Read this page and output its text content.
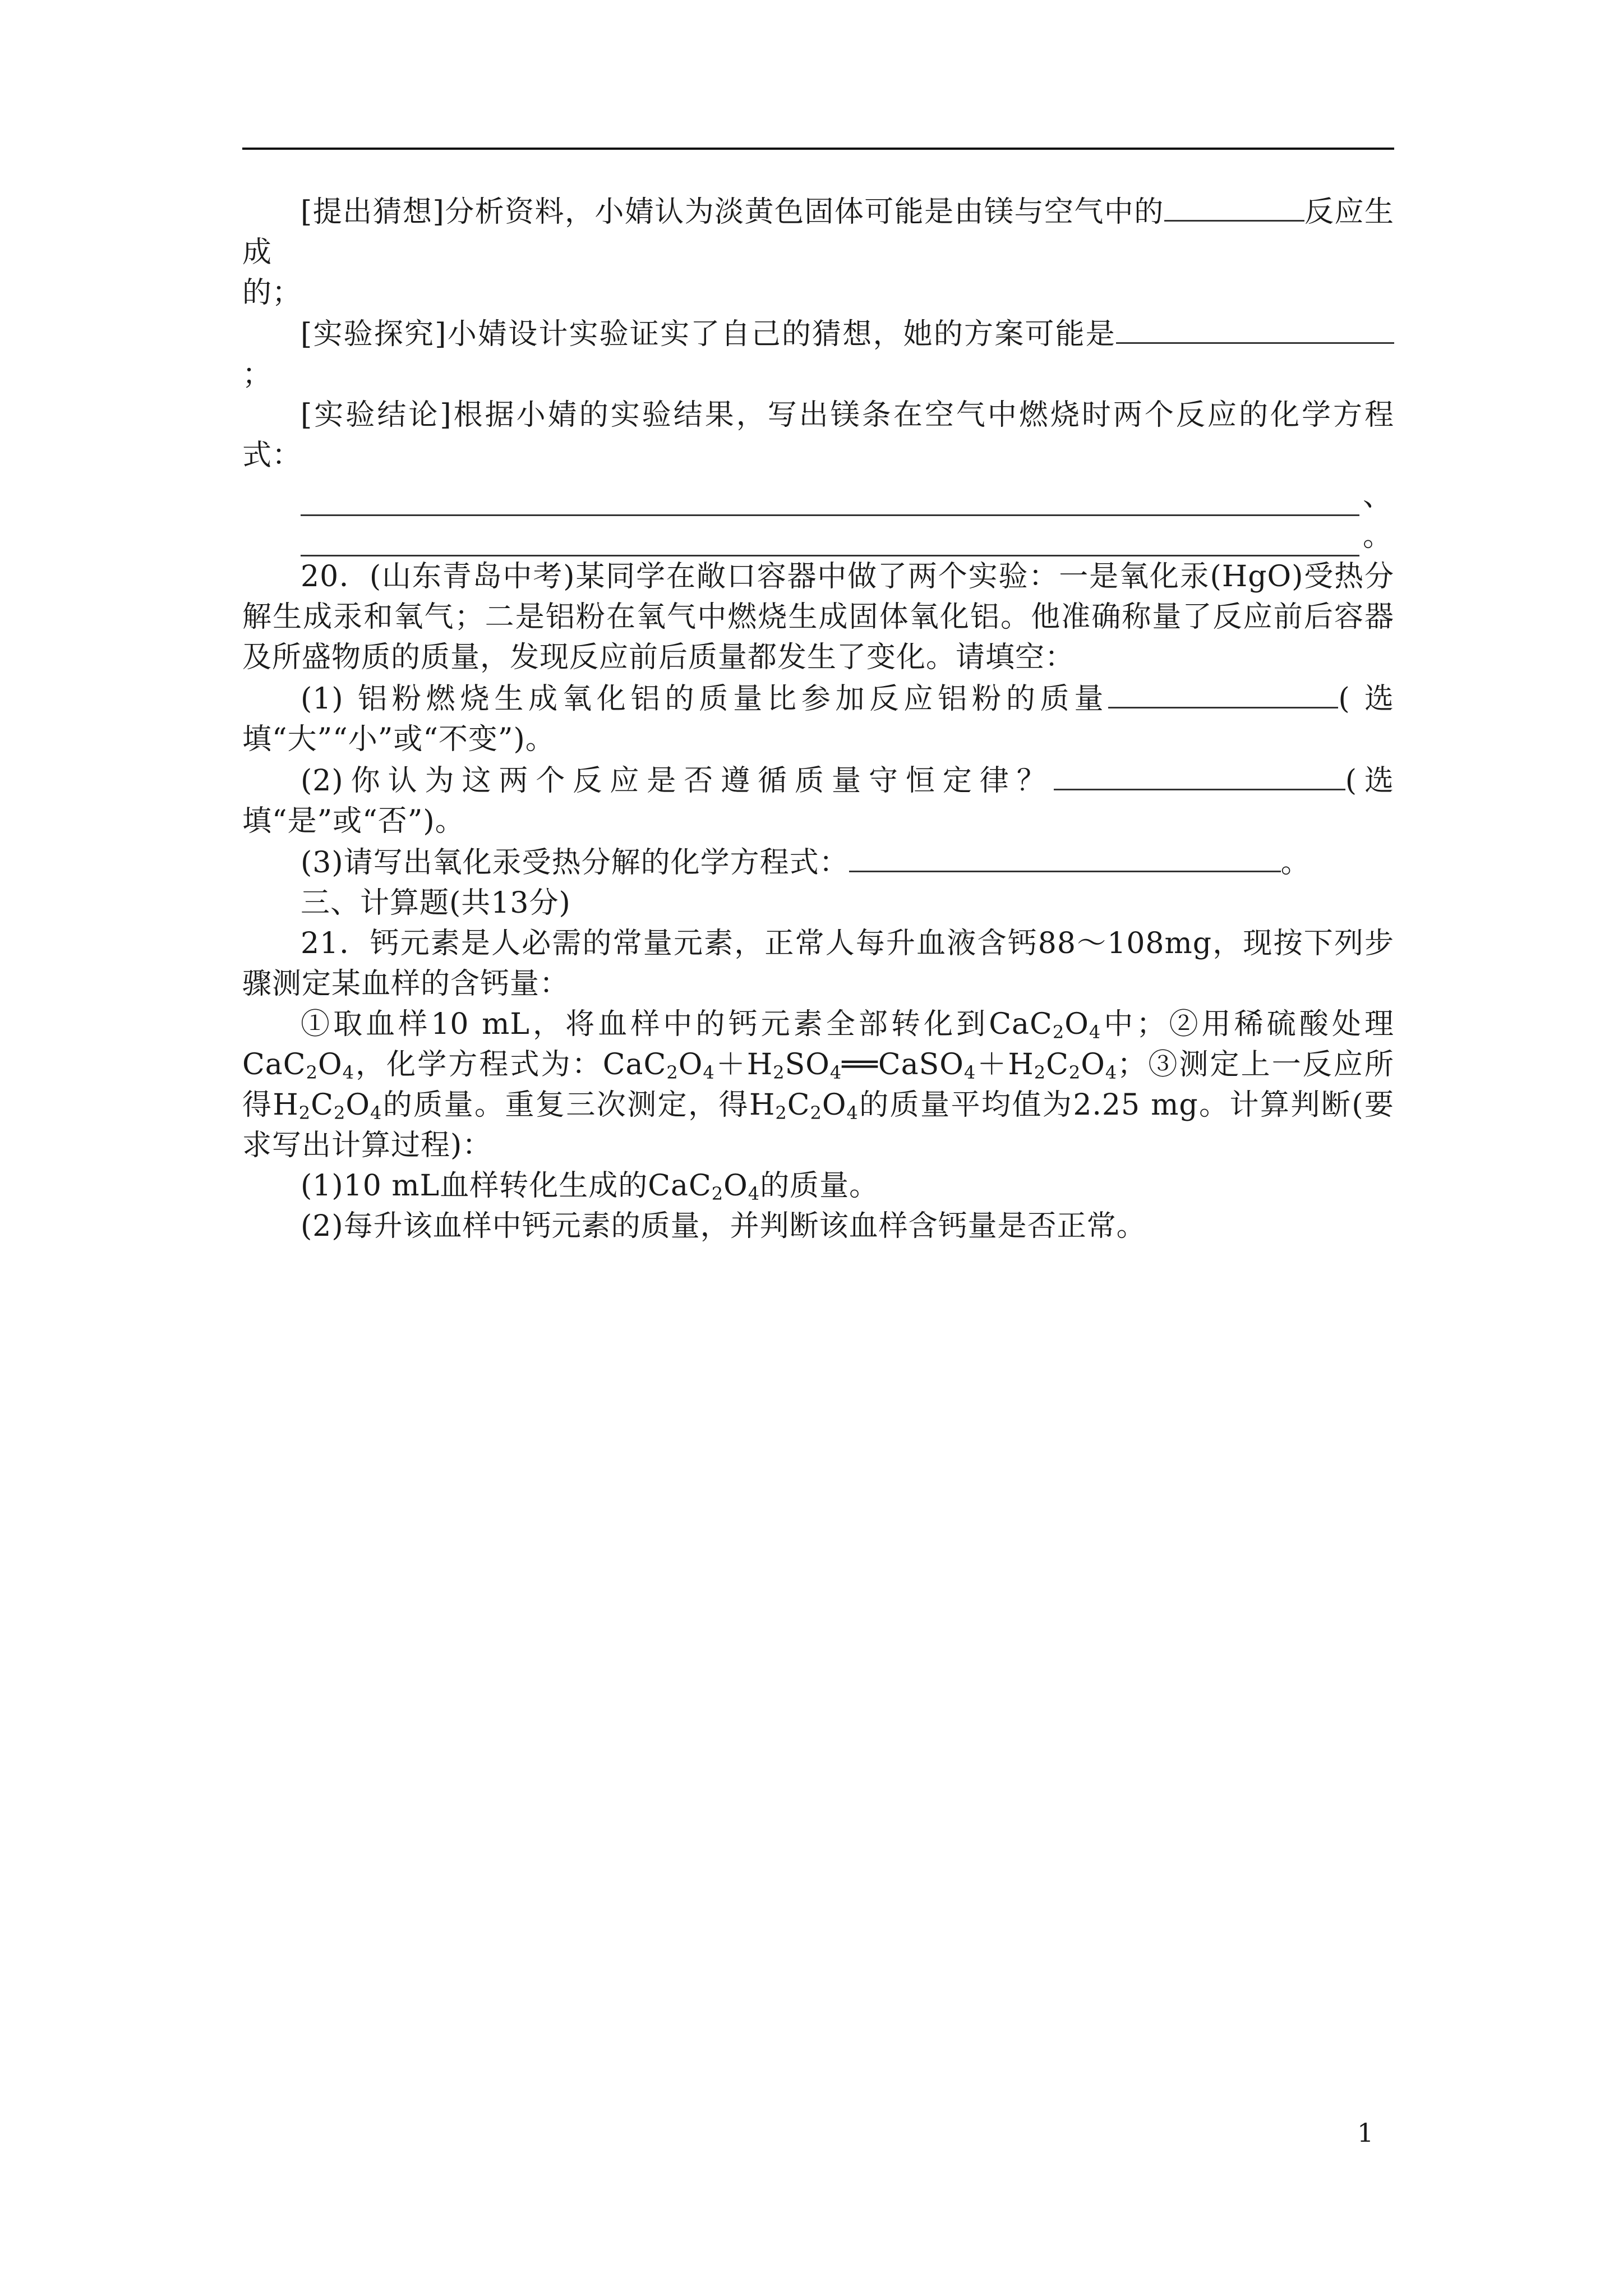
[提出猜想]分析资料，小婧认为淡黄色固体可能是由镁与空气中的	反应生成

的；

[实验探究]小婧设计实验证实了自己的猜想，她的方案可能是；

[实验结论]根据小婧的实验结果，写出镁条在空气中燃烧时两个反应的化学方程式：

、
。

20．(山东青岛中考)某同学在敞口容器中做了两个实验：一是氧化汞(HgO)受热分解生成汞和氧气；二是铝粉在氧气中燃烧生成固体氧化铝。他准确称量了反应前后容器及所盛物质的质量，发现反应前后质量都发生了变化。请填空：

(1) 铝粉燃烧生成氧化铝的质量比参加反应铝粉的质量	( 选填“大”“小”或“不变”)。

(2)你认为这两个反应是否遵循质量守恒定律？	(选填“是”或“否”)。

(3)请写出氧化汞受热分解的化学方程式：	。

三、计算题(共13分)

21．钙元素是人必需的常量元素，正常人每升血液含钙88～108mg，现按下列步骤测定某血样的含钙量：

①取血样10 mL，将血样中的钙元素全部转化到$CaC_2O_4$中；②用稀硫酸处理$CaC_2O_4$，化学方程式为：$CaC_2O_4+H_2SO_4══CaSO_4+H_2C_2O_4$；③测定上一反应所得$H_2C_2O_4$的质量。重复三次测定，得$H_2C_2O_4$的质量平均值为2.25 mg。计算判断(要求写出计算过程)：

(1)10 mL血样转化生成的$CaC_2O_4$的质量。

(2)每升该血样中钙元素的质量，并判断该血样含钙量是否正常。

1
